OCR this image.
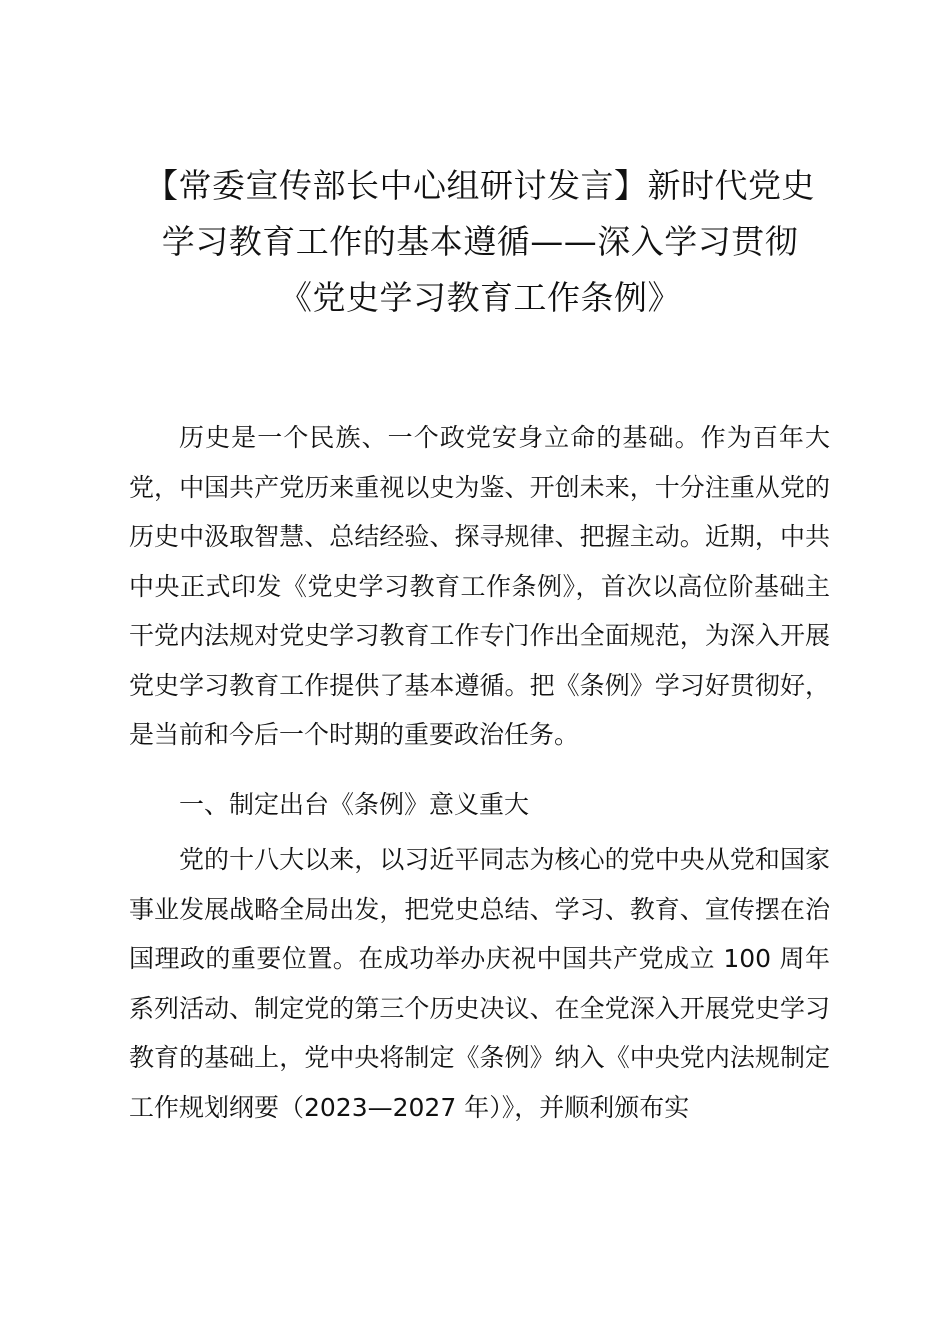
【常委宣传部长中心组研讨发言】新时代党史
学习教育工作的基本遵循——深入学习贯彻
《党史学习教育工作条例》

历史是一个民族、一个政党安身立命的基础。作为百年大党，中国共产党历来重视以史为鉴、开创未来，十分注重从党的历史中汲取智慧、总结经验、探寻规律、把握主动。近期，中共中央正式印发《党史学习教育工作条例》，首次以高位阶基础主干党内法规对党史学习教育工作专门作出全面规范，为深入开展党史学习教育工作提供了基本遵循。把《条例》学习好贯彻好，是当前和今后一个时期的重要政治任务。

一、制定出台《条例》意义重大

党的十八大以来，以习近平同志为核心的党中央从党和国家事业发展战略全局出发，把党史总结、学习、教育、宣传摆在治国理政的重要位置。在成功举办庆祝中国共产党成立 100 周年系列活动、制定党的第三个历史决议、在全党深入开展党史学习教育的基础上，党中央将制定《条例》纳入《中央党内法规制定工作规划纲要（2023—2027 年）》，并顺利颁布实
